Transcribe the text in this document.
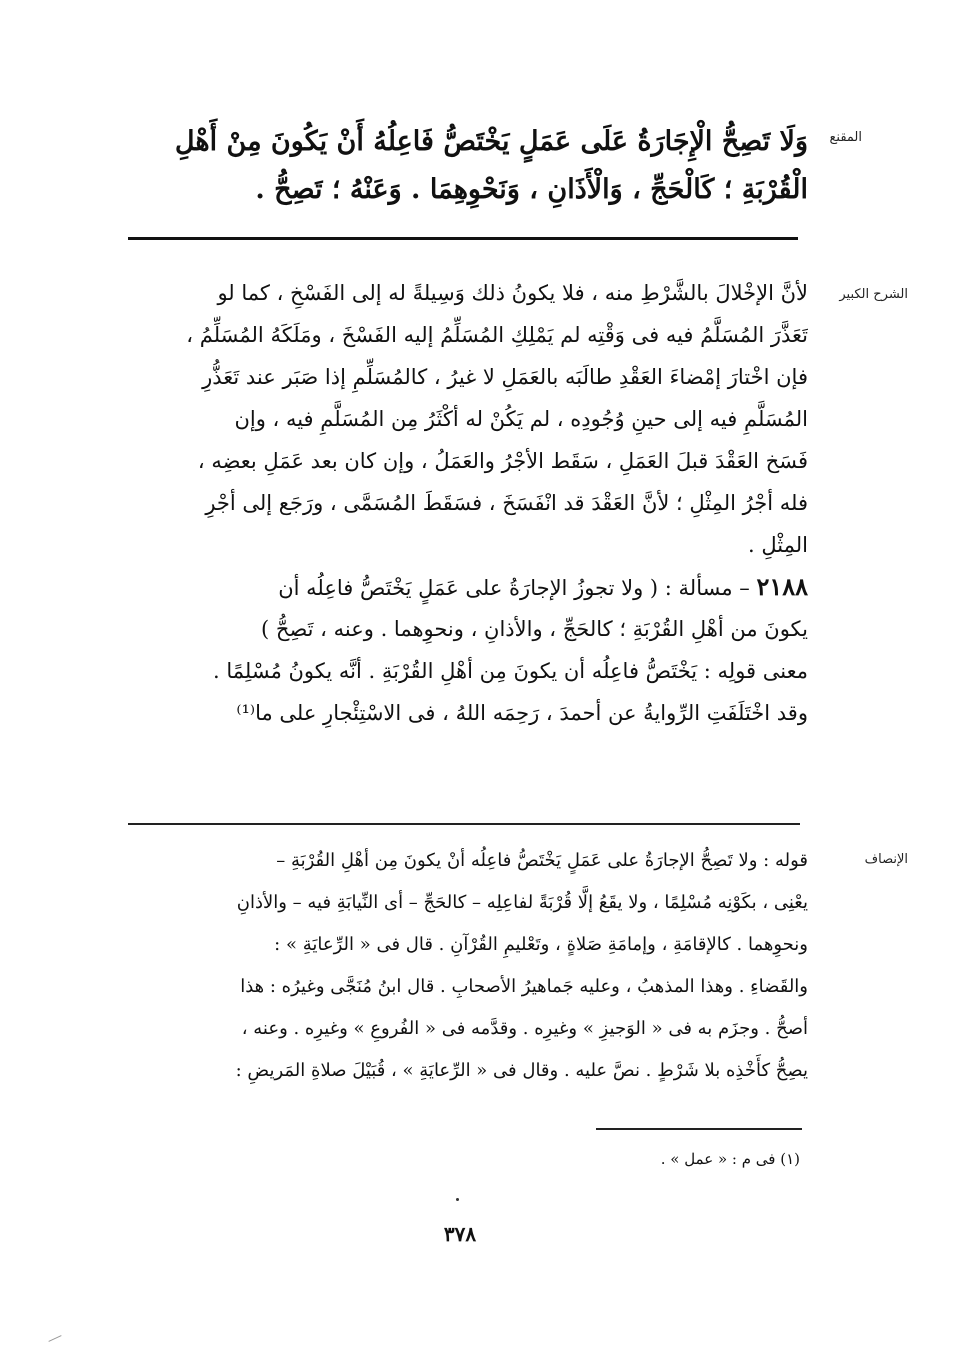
المقنع
وَلَا تَصِحُّ الْإِجَارَةُ عَلَى عَمَلٍ يَخْتَصُّ فَاعِلُهُ أَنْ يَكُونَ مِنْ أَهْلِ
الْقُرْبَةِ ؛ كَالْحَجِّ ، وَالْأَذَانِ ، وَنَحْوِهِمَا . وَعَنْهُ ؛ تَصِحُّ .
الشرح الكبير
لأنَّ الإخْلالَ بالشَّرْطِ منه ، فلا يكونُ ذلك وَسِيلةً له إلى الفَسْخِ ، كما لو
تَعَذَّرَ المُسَلَّمُ فيه فى وَقْتِه لم يَمْلِكِ المُسَلِّمُ إليه الفَسْخَ ، ومَلَكَهُ المُسَلِّمُ ،
فإن اخْتارَ إمْضاءَ العَقْدِ طالَبَه بالعَمَلِ لا غيرُ ، كالمُسَلِّمِ إذا صَبَر عند تَعَذُّرِ
المُسَلَّمِ فيه إلى حينِ وُجُودِه ، لم يَكُنْ له أكْثَرُ مِن المُسَلَّمِ فيه ، وإن
فَسَخ العَقْدَ قبلَ العَمَلِ ، سَقَط الأجْرُ والعَمَلُ ، وإن كان بعد عَمَلِ بعضِه ،
فله أجْرُ المِثْلِ ؛ لأنَّ العَقْدَ قد انْفَسَخَ ، فسَقَطَ المُسَمَّى ، ورَجَع إلى أجْرِ
المِثْلِ .
٢١٨٨ – مسألة : ( ولا تجوزُ الإجارَةُ على عَمَلٍ يَخْتَصُّ فاعِلُه أن
يكونَ من أهْلِ القُرْبَةِ ؛ كالحَجِّ ، والأذانِ ، ونحوِهما . وعنه ، تَصِحُّ )
معنى قولِه : يَخْتَصُّ فاعِلُه أن يكونَ مِن أهْلِ القُرْبَةِ . أنَّه يكونُ مُسْلِمًا .
وقد اخْتَلَفَتِ الرِّوايةُ عن أحمدَ ، رَحِمَه اللهُ ، فى الاسْتِئْجارِ على ما⁽¹⁾
الإنصاف
قوله : ولا تَصِحُّ الإجارَةُ على عَمَلٍ يَخْتَصُّ فاعِلُه أنْ يكونَ مِن أهْلِ القُرْبَةِ –
يعْنِى ، بكَوْنِه مُسْلِمًا ، ولا يقَعُ إلَّا قُرْبَةً لفاعِلِه – كالحَجِّ – أى النِّيابَةِ فيه – والأذانِ
ونحوِهما . كالإقامَةِ ، وإمامَةِ صَلاةٍ ، وتَعْليمِ القُرْآنِ . قال فى « الرِّعايَةِ » :
والقَضاءِ . وهذا المذهبُ ، وعليه جَماهيرُ الأصحابِ . قال ابنُ مُنَجَّى وغيرُه : هذا
أصحُّ . وجزَم به فى « الوَجيزِ » وغيرِه . وقدَّمه فى « الفُروعِ » وغيرِه . وعنه ،
يصِحُّ كأَخْذِه بلا شَرْطٍ . نصَّ عليه . وقال فى « الرِّعايَةِ » ، قُبَيْلَ صلاةِ المَريضِ :
(١) فى م : « عمل » .
٣٧٨
